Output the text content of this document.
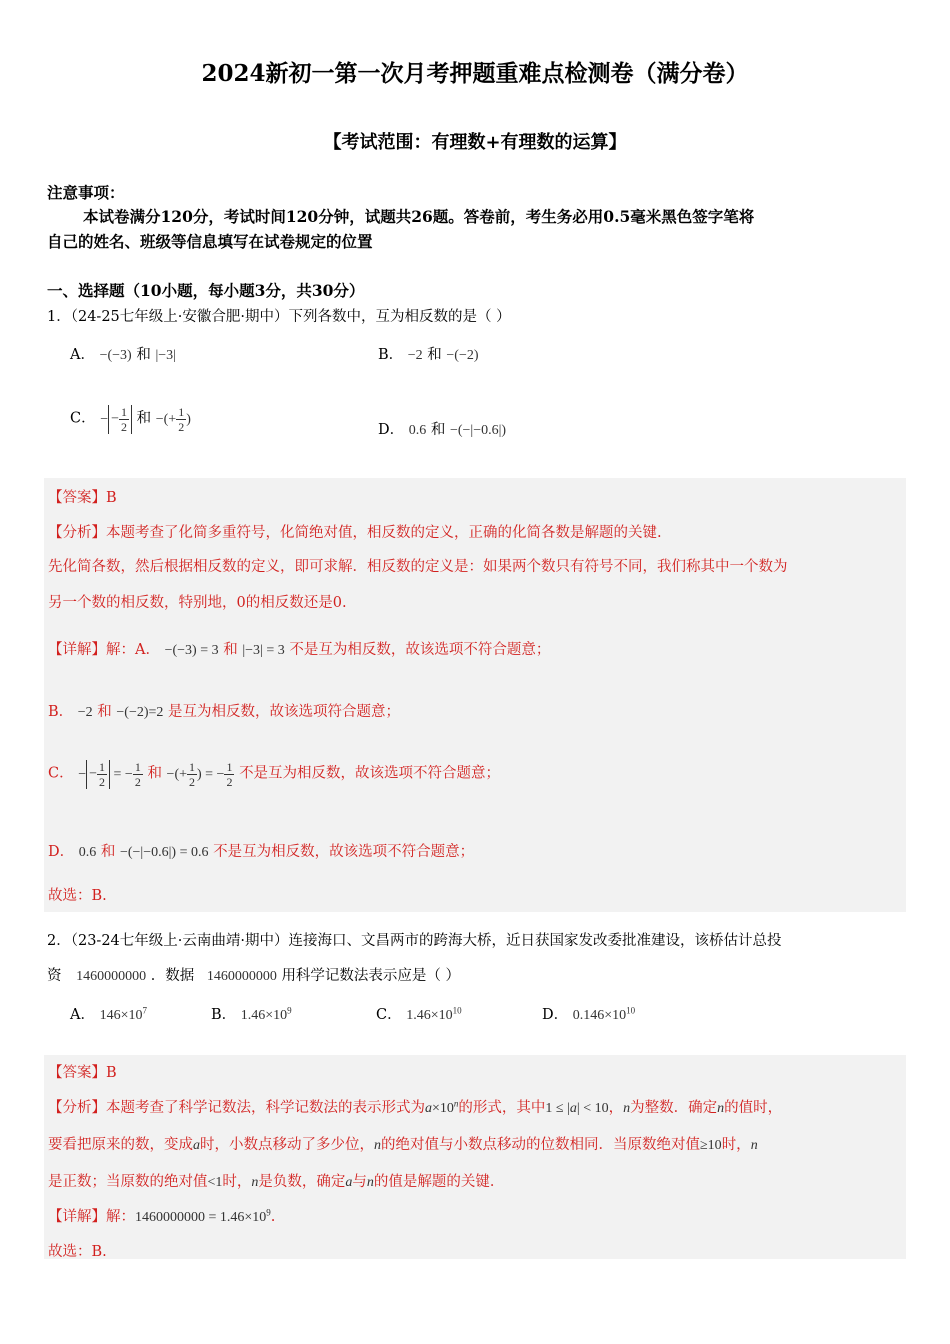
2024新初一第一次月考押题重难点检测卷（满分卷）
【考试范围：有理数+有理数的运算】
注意事项：
本试卷满分120分，考试时间120分钟，试题共26题。答卷前，考生务必用0.5毫米黑色签字笔将
自己的姓名、班级等信息填写在试卷规定的位置
一、选择题（10小题，每小题3分，共30分）
1．（24-25七年级上·安徽合肥·期中）下列各数中，互为相反数的是（ ）
A． −(−3) 和 |−3|	B． −2 和 −(−2)
C． − − $\frac{1}{2}$ 和 −(+ $\frac{1}{2}$ )
D． 0.6 和 −(−|−0.6|)
【答案】B
【分析】本题考查了化简多重符号，化简绝对值，相反数的定义，正确的化简各数是解题的关键.
先化简各数，然后根据相反数的定义，即可求解．相反数的定义是：如果两个数只有符号不同，我们称其中一个数为
另一个数的相反数，特别地，0的相反数还是0.
【详解】解：A． −(−3) = 3 和 |−3| = 3 不是互为相反数，故该选项不符合题意；
B． −2 和 −(−2)=2 是互为相反数，故该选项符合题意；
C． − − $\frac{1}{2}$ = − $\frac{1}{2}$ 和 −(+ $\frac{1}{2}$ ) = − $\frac{1}{2}$ 不是互为相反数，故该选项不符合题意；
D． 0.6 和 −(−|−0.6|) = 0.6 不是互为相反数，故该选项不符合题意；
故选：B.
2．（23-24七年级上·云南曲靖·期中）连接海口、文昌两市的跨海大桥，近日获国家发改委批准建设，该桥估计总投
资 1460000000 ．数据 1460000000 用科学记数法表示应是（ ）
A． $146\times 10^7$	B． $1.46\times 10^9$	C． $1.46\times 10^{10}$	D． $0.146\times 10^{10}$
【答案】B
【分析】本题考查了科学记数法，科学记数法的表示形式为$a\times 10^n$的形式，其中1 ≤ |a| < 10，n为整数．确定n的值时，
要看把原来的数，变成a时，小数点移动了多少位，n的绝对值与小数点移动的位数相同．当原数绝对值≥10时，n
是正数；当原数的绝对值<1时，n是负数，确定a与n的值是解题的关键．
【详解】解：$1460000000 = 1.46\times 10^9$.
故选：B.
